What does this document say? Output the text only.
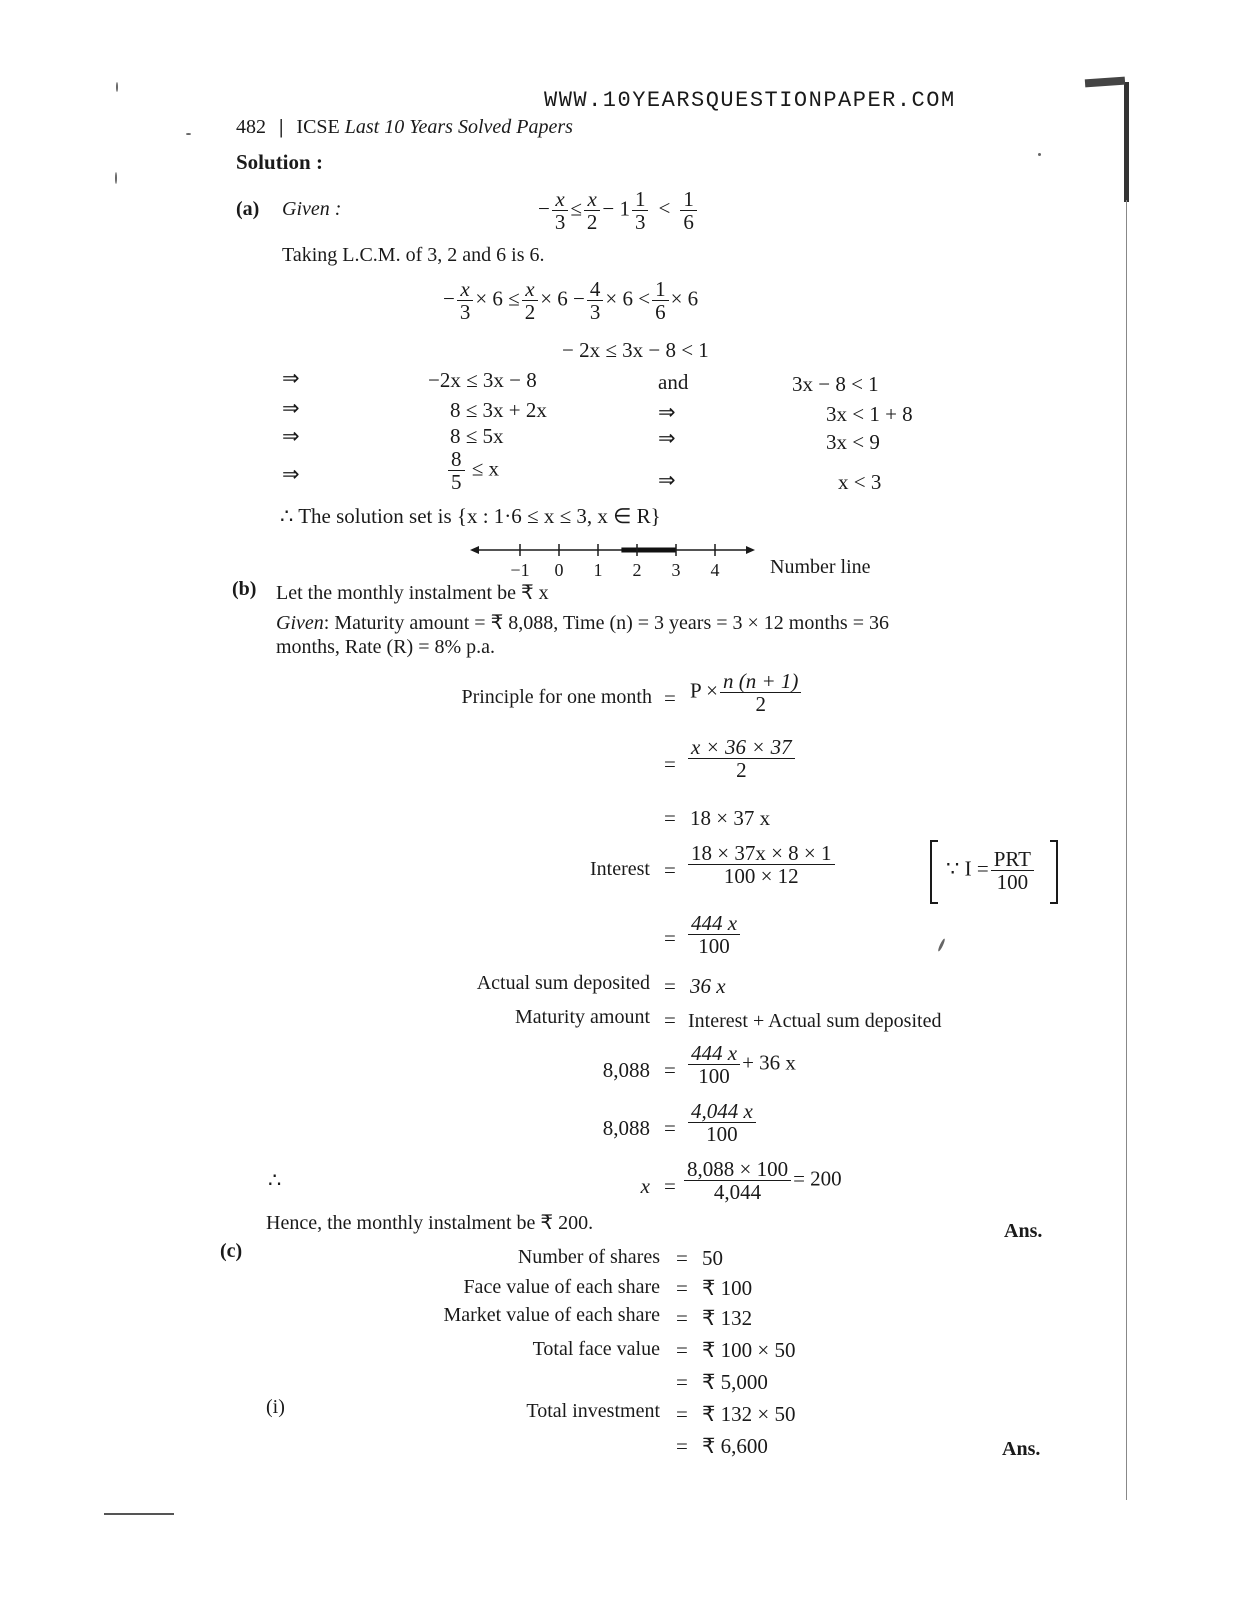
WWW.10YEARSQUESTIONPAPER.COM
482 | ICSE Last 10 Years Solved Papers
Solution :
(a) Given :	− $\frac{x}{3} \le \frac{x}{2} - 1 \frac{1}{3} < \frac{1}{6}$
Taking L.C.M. of 3, 2 and 6 is 6.
− $\frac{x}{3} \times 6 \le \frac{x}{2} \times 6 - \frac{4}{3} \times 6 < \frac{1}{6} \times 6$
− 2x ≤ 3x − 8 < 1
⇒	−2x ≤ 3x − 8	and	3x − 8 < 1
⇒	8 ≤ 3x + 2x	⇒	3x < 1 + 8
⇒	8 ≤ 5x	⇒	3x < 9
⇒	$\frac{8}{5} \le x$	⇒	x < 3
∴ The solution set is {x : 1·6 ≤ x ≤ 3, x ∈ R}
−1 0 1 2 3 4	Number line
(b) Let the monthly instalment be ₹ x
Given: Maturity amount = ₹ 8,088, Time (n) = 3 years = 3 × 12 months = 36
months, Rate (R) = 8% p.a.
Principle for one month = $P \times \frac{n (n + 1)}{2}$
= $\frac{x \times 36 \times 37}{2}$
= 18 × 37 x
Interest = $\frac{18 \times 37x \times 8 \times 1}{100 \times 12}$	∵ $I = \frac{\text{PRT}}{100}$
= $\frac{444 x}{100}$
Actual sum deposited = 36 x
Maturity amount = Interest + Actual sum deposited
$8,088 = \frac{444 x}{100} + 36$ x
$8,088 = \frac{4,044 x}{100}$
∴	$x = \frac{8,088 \times 100}{4,044} = 200$
Hence, the monthly instalment be ₹ 200.	Ans.
(c)	Number of shares = 50
Face value of each share = ₹ 100
Market value of each share = ₹ 132
Total face value = ₹ 100 × 50
= ₹ 5,000
(i)	Total investment = ₹ 132 × 50
= ₹ 6,600	Ans.
